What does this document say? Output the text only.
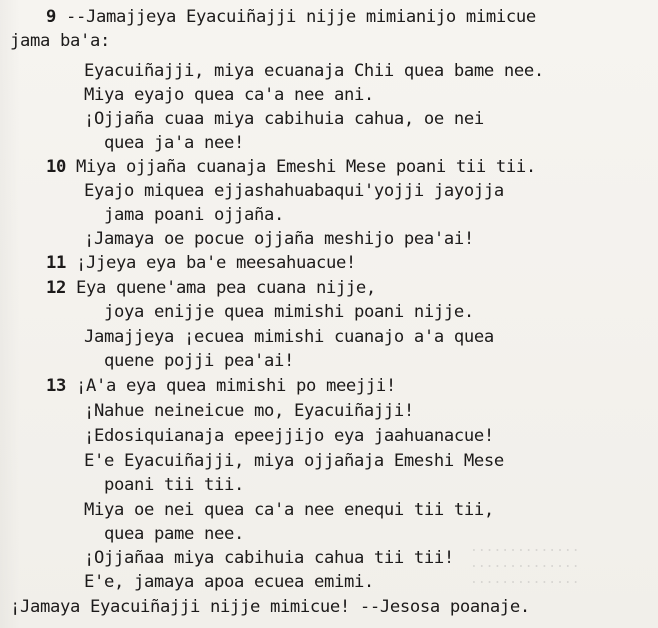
..............
..............
..............
9 --Jamajjeya Eyacuiñajji nijje mimianijo mimicue
jama ba'a:
Eyacuiñajji, miya ecuanaja Chii quea bame nee.
Miya eyajo quea ca'a nee ani.
¡Ojjaña cuaa miya cabihuia cahua, oe nei
quea ja'a nee!
10 Miya ojjaña cuanaja Emeshi Mese poani tii tii.
Eyajo miquea ejjashahuabaqui'yojji jayojja
jama poani ojjaña.
¡Jamaya oe pocue ojjaña meshijo pea'ai!
11 ¡Jjeya eya ba'e meesahuacue!
12 Eya quene'ama pea cuana nijje,
joya enijje quea mimishi poani nijje.
Jamajjeya ¡ecuea mimishi cuanajo a'a quea
quene pojji pea'ai!
13 ¡A'a eya quea mimishi po meejji!
¡Nahue neineicue mo, Eyacuiñajji!
¡Edosiquianaja epeejjijo eya jaahuanacue!
E'e Eyacuiñajji, miya ojjañaja Emeshi Mese
poani tii tii.
Miya oe nei quea ca'a nee enequi tii tii,
quea pame nee.
¡Ojjañaa miya cabihuia cahua tii tii!
E'e, jamaya apoa ecuea emimi.
¡Jamaya Eyacuiñajji nijje mimicue! --Jesosa poanaje.
